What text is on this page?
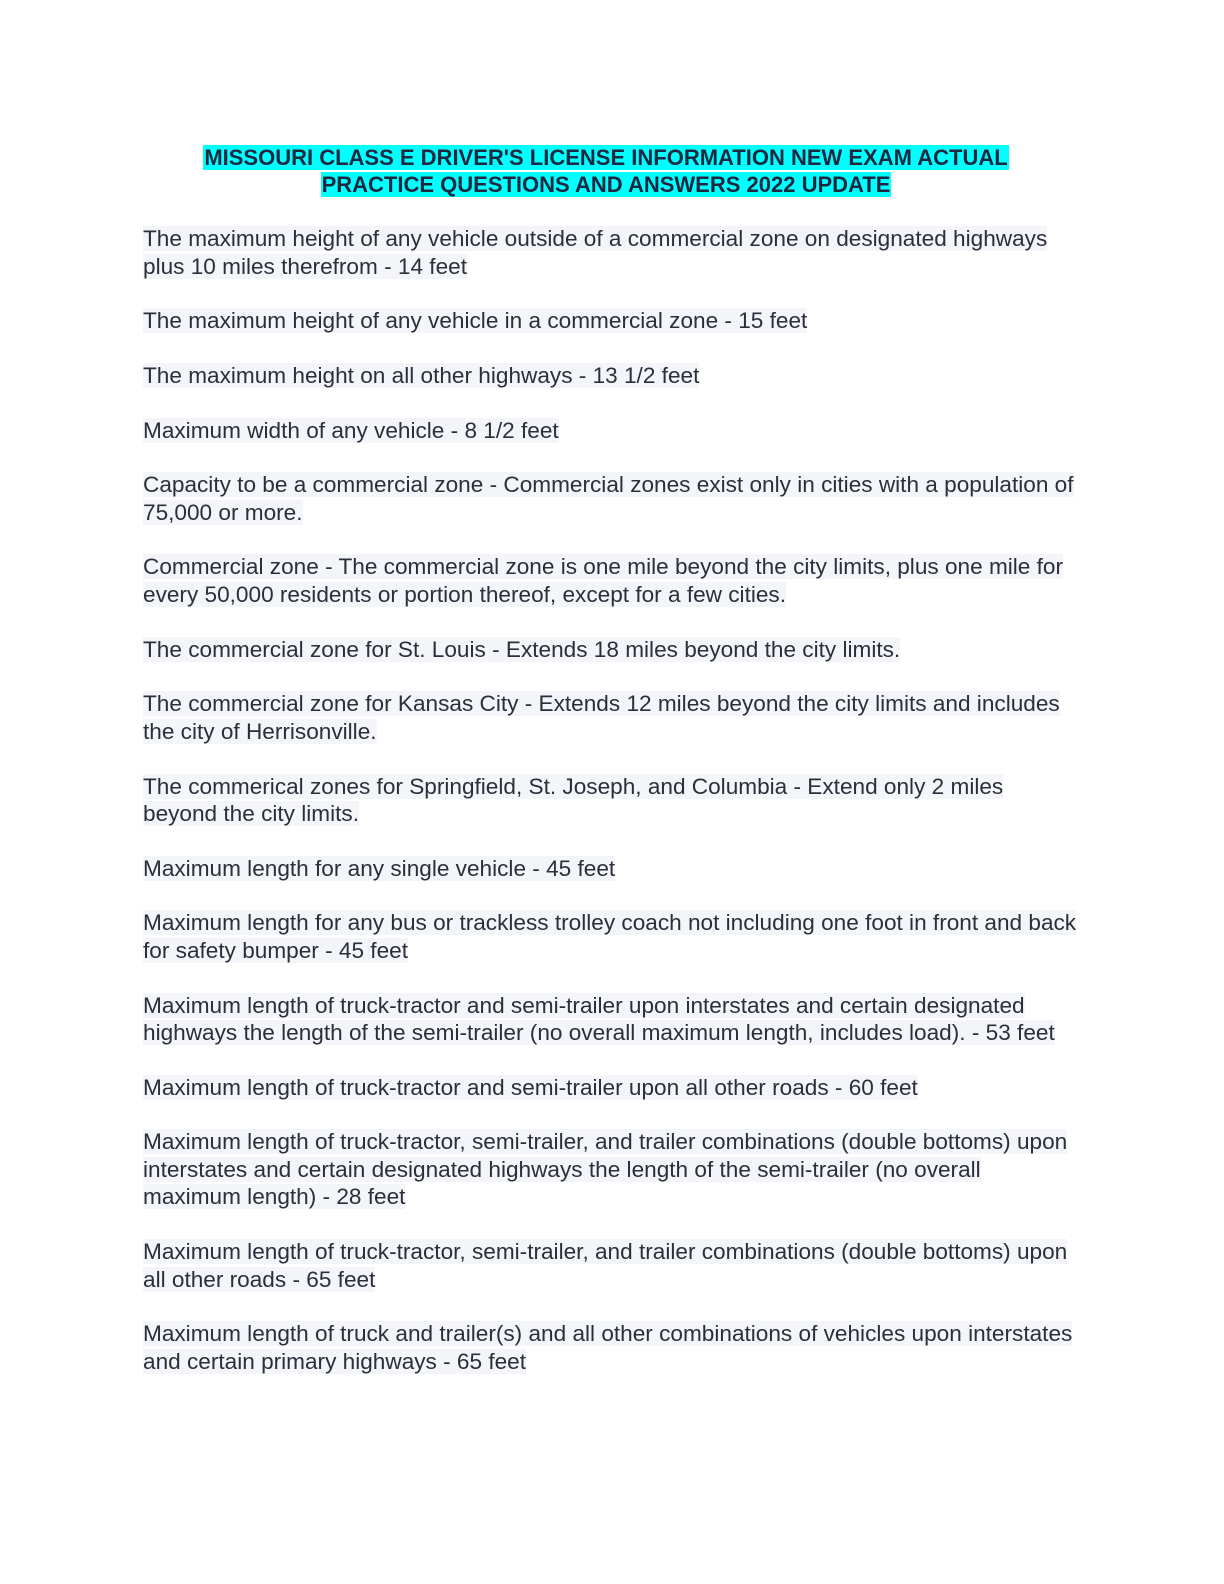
MISSOURI CLASS E DRIVER'S LICENSE INFORMATION NEW EXAM ACTUAL
PRACTICE QUESTIONS AND ANSWERS 2022 UPDATE
The maximum height of any vehicle outside of a commercial zone on designated highways plus 10 miles therefrom - 14 feet
The maximum height of any vehicle in a commercial zone - 15 feet
The maximum height on all other highways - 13 1/2 feet
Maximum width of any vehicle - 8 1/2 feet
Capacity to be a commercial zone - Commercial zones exist only in cities with a population of 75,000 or more.
Commercial zone - The commercial zone is one mile beyond the city limits, plus one mile for every 50,000 residents or portion thereof, except for a few cities.
The commercial zone for St. Louis - Extends 18 miles beyond the city limits.
The commercial zone for Kansas City - Extends 12 miles beyond the city limits and includes the city of Herrisonville.
The commerical zones for Springfield, St. Joseph, and Columbia - Extend only 2 miles beyond the city limits.
Maximum length for any single vehicle - 45 feet
Maximum length for any bus or trackless trolley coach not including one foot in front and back for safety bumper - 45 feet
Maximum length of truck-tractor and semi-trailer upon interstates and certain designated highways the length of the semi-trailer (no overall maximum length, includes load). - 53 feet
Maximum length of truck-tractor and semi-trailer upon all other roads - 60 feet
Maximum length of truck-tractor, semi-trailer, and trailer combinations (double bottoms) upon interstates and certain designated highways the length of the semi-trailer (no overall maximum length) - 28 feet
Maximum length of truck-tractor, semi-trailer, and trailer combinations (double bottoms) upon all other roads - 65 feet
Maximum length of truck and trailer(s) and all other combinations of vehicles upon interstates and certain primary highways - 65 feet
